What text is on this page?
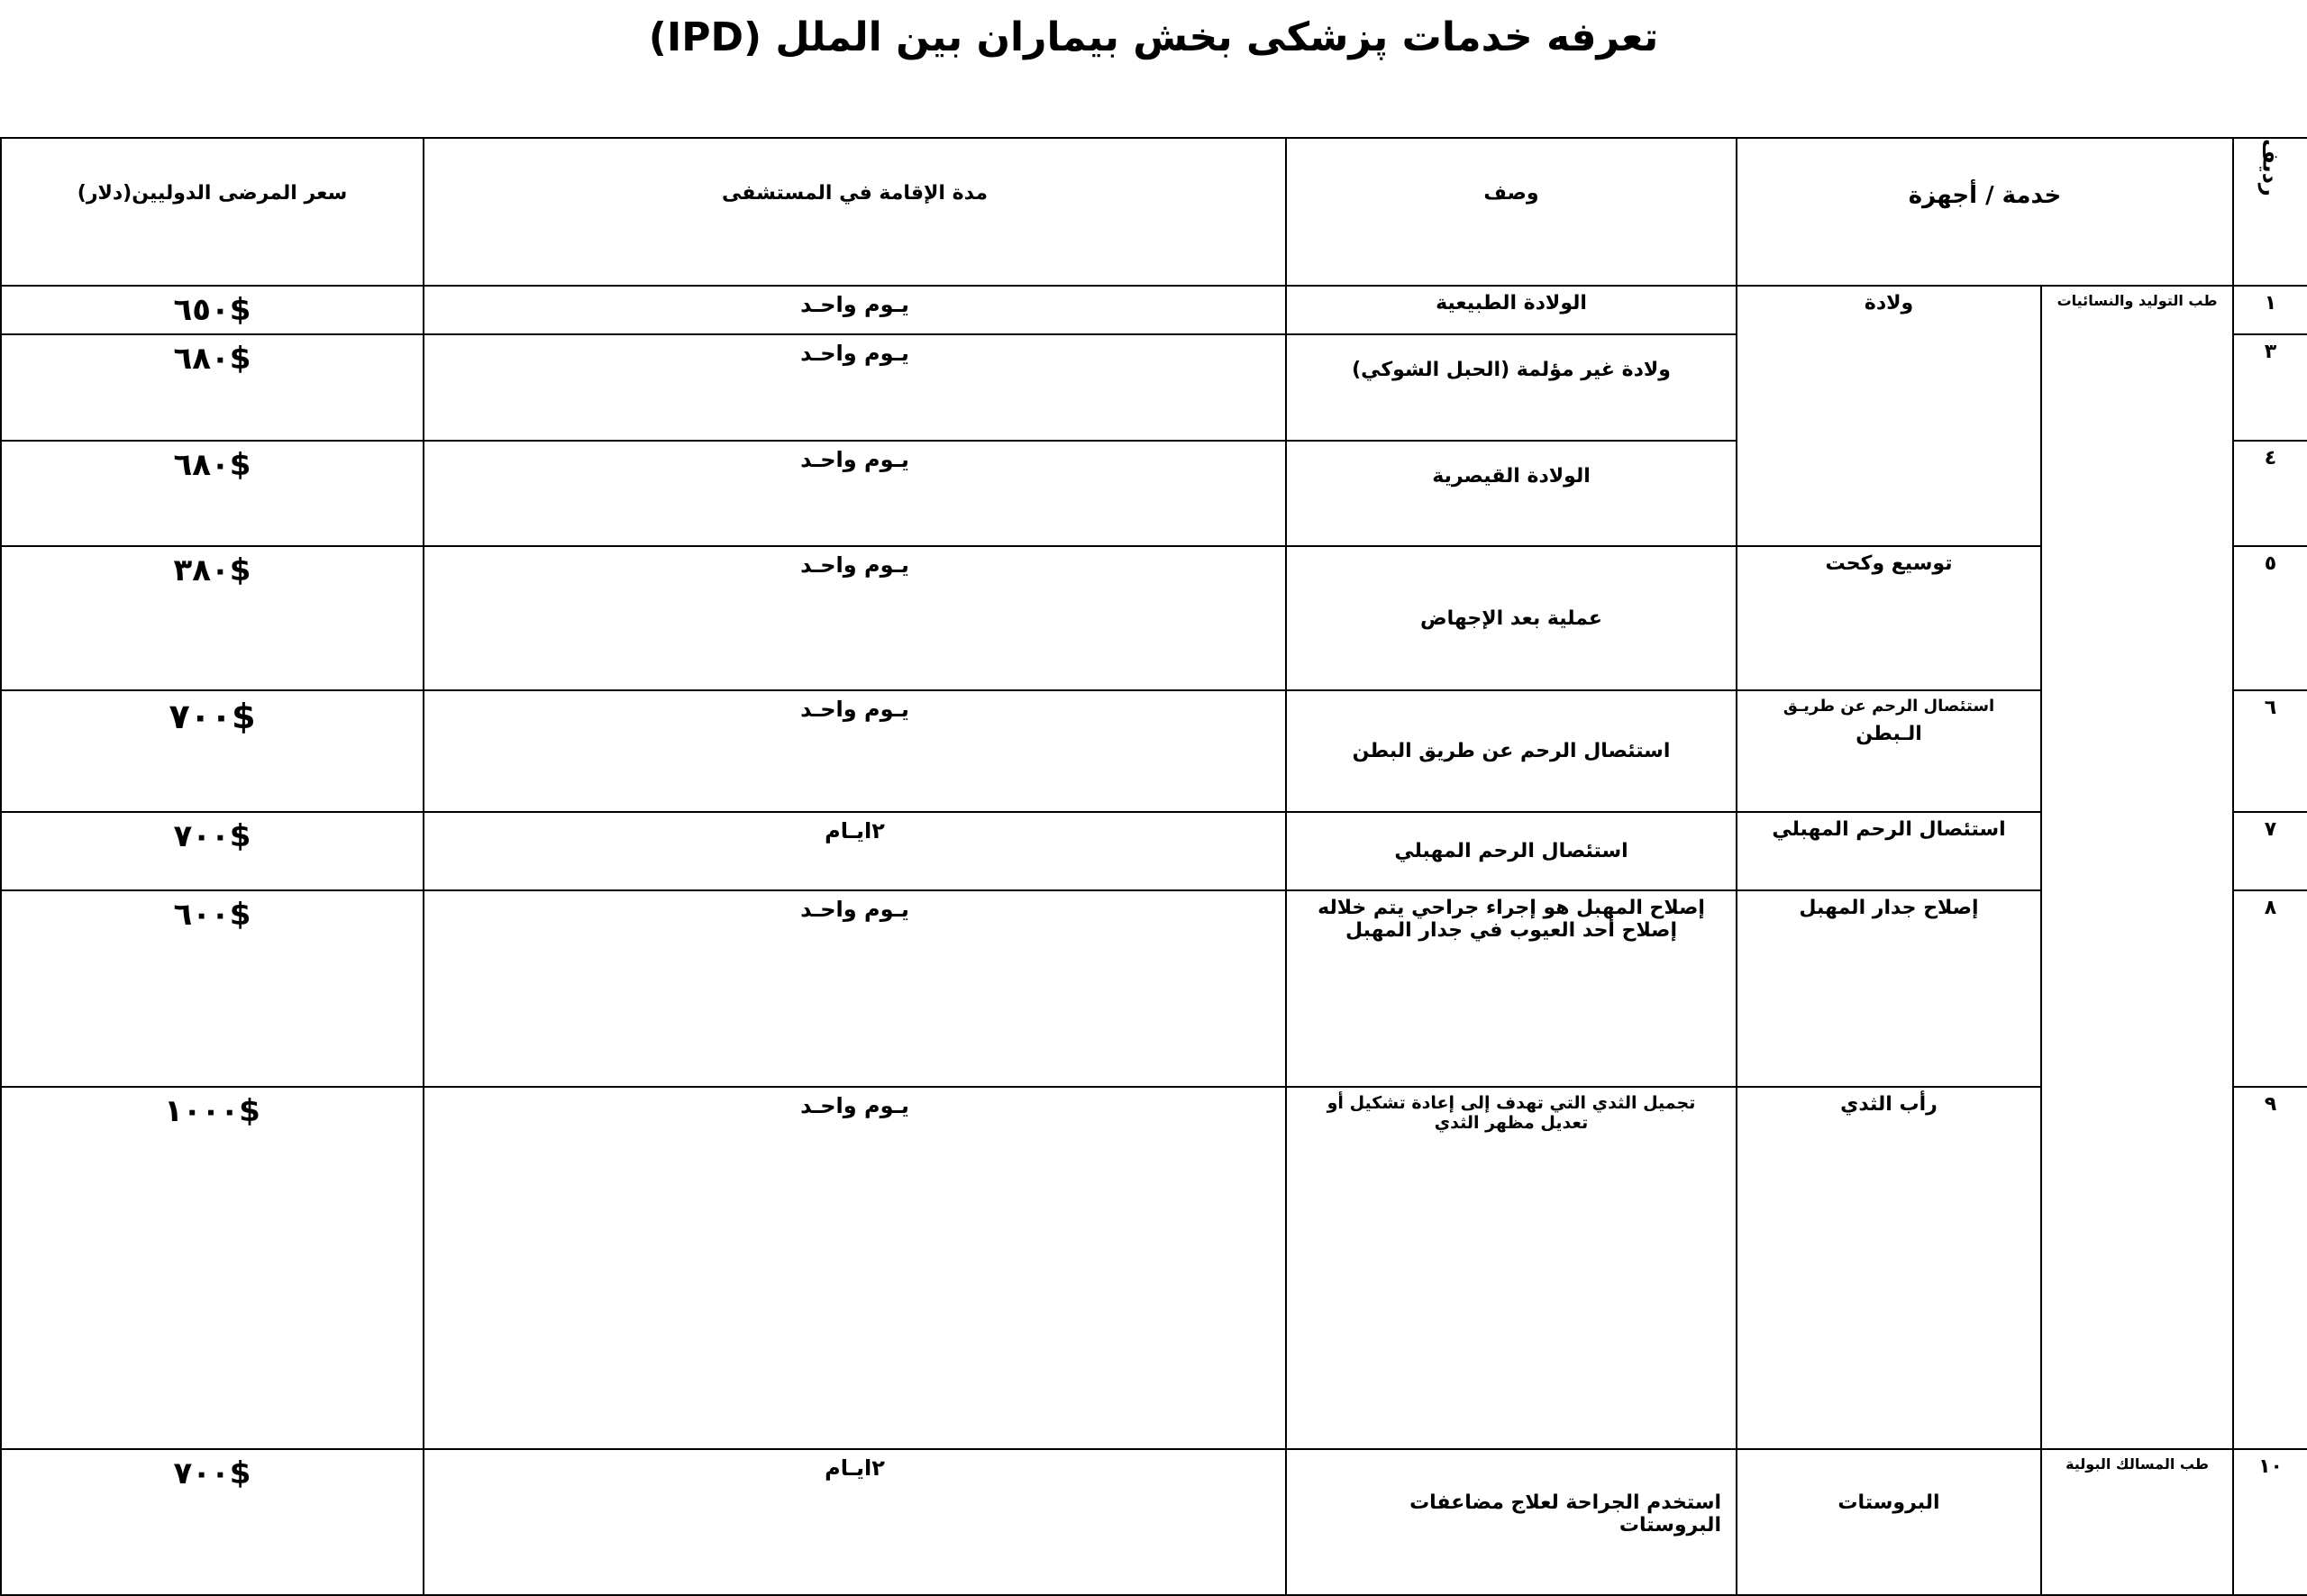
تعرفه خدمات پزشکی بخش بیماران بین الملل (IPD)
رديف	خدمة / أجهزة		وصف	مدة الإقامة في المستشفى	سعر المرضى الدوليين(دلار)
١	طب التوليد والنسائيات	ولادة	الولادة الطبيعية	يـوم واحـد	$٦٥٠
٣			ولادة غير مؤلمة (الحبل الشوكي)	يـوم واحـد	$٦٨٠
٤			الولادة القيصرية	يـوم واحـد	$٦٨٠
٥		توسيع وكحت	عملية بعد الإجهاض	يـوم واحـد	$٣٨٠
٦		استئصال الرحم عن طريـق
الـبطن	استئصال الرحم عن طريق البطن	يـوم واحـد	$٧٠٠
٧		استئصال الرحم المهبلي	استئصال الرحم المهبلي	٢ايـام	$٧٠٠
٨		إصلاح جدار المهبل	إصلاح المهبل هو إجراء جراحي يتم خلاله إصلاح أحد العيوب في جدار المهبل	يـوم واحـد	$٦٠٠
٩		رأب الثدي	تجميل الثدي التي تهدف إلى إعادة تشكيل أو تعديل مظهر الثدي	يـوم واحـد	$١٠٠٠
١٠	طب المسالك البولية	البروستات	استخدم الجراحة لعلاج مضاعفات البروستات	٢ايـام	$٧٠٠
